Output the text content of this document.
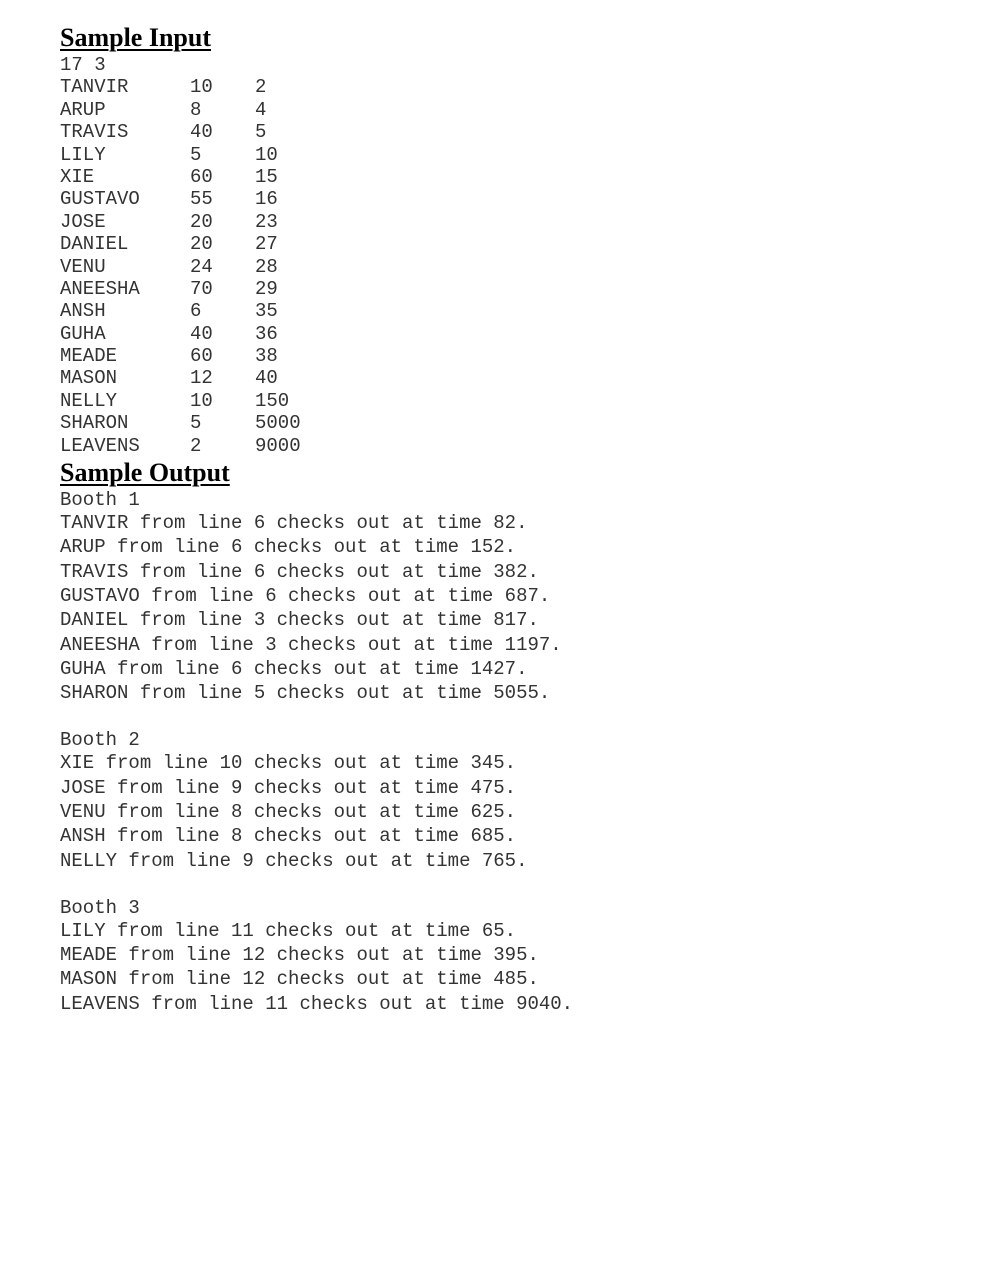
Sample Input
17 3
TANVIR	10	2
ARUP	8	4
TRAVIS	40	5
LILY	5	10
XIE	60	15
GUSTAVO	55	16
JOSE	20	23
DANIEL	20	27
VENU	24	28
ANEESHA	70	29
ANSH	6	35
GUHA	40	36
MEADE	60	38
MASON	12	40
NELLY	10	150
SHARON	5	5000
LEAVENS	2	9000
Sample Output
Booth 1
TANVIR from line 6 checks out at time 82.
ARUP from line 6 checks out at time 152.
TRAVIS from line 6 checks out at time 382.
GUSTAVO from line 6 checks out at time 687.
DANIEL from line 3 checks out at time 817.
ANEESHA from line 3 checks out at time 1197.
GUHA from line 6 checks out at time 1427.
SHARON from line 5 checks out at time 5055.
Booth 2
XIE from line 10 checks out at time 345.
JOSE from line 9 checks out at time 475.
VENU from line 8 checks out at time 625.
ANSH from line 8 checks out at time 685.
NELLY from line 9 checks out at time 765.
Booth 3
LILY from line 11 checks out at time 65.
MEADE from line 12 checks out at time 395.
MASON from line 12 checks out at time 485.
LEAVENS from line 11 checks out at time 9040.
